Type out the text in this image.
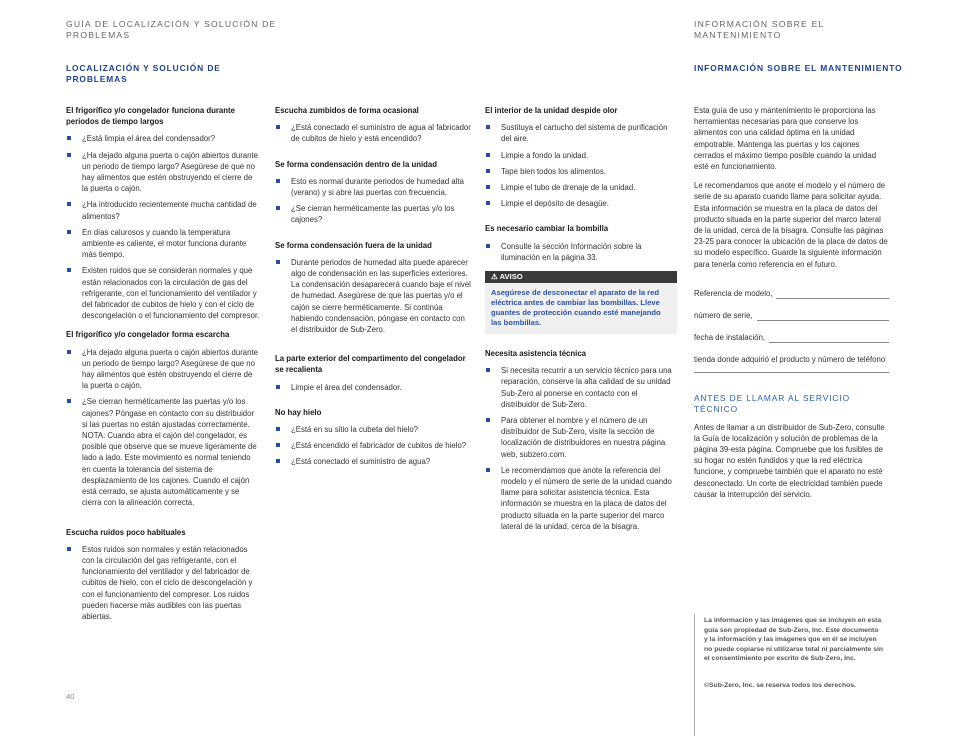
GUÍA DE LOCALIZACIÓN Y SOLUCIÓN DE PROBLEMAS
INFORMACIÓN SOBRE EL MANTENIMIENTO
LOCALIZACIÓN Y SOLUCIÓN DE PROBLEMAS
El frigorífico y/o congelador funciona durante periodos de tiempo largos
¿Está limpia el área del condensador?
¿Ha dejado alguna puerta o cajón abiertos durante un periodo de tiempo largo? Asegúrese de que no hay alimentos que estén obstruyendo el cierre de la puerta o cajón.
¿Ha introducido recientemente mucha cantidad de alimentos?
En días calurosos y cuando la temperatura ambiente es caliente, el motor funciona durante más tiempo.
Existen ruidos que se consideran normales y que están relacionados con la circulación de gas del refrigerante, con el funcionamiento del ventilador y del fabricador de cubitos de hielo y con el ciclo de descongelación o el funcionamiento del compresor.
El frigorífico y/o congelador forma escarcha
¿Ha dejado alguna puerta o cajón abiertos durante un periodo de tiempo largo? Asegúrese de que no hay alimentos que estén obstruyendo el cierre de la puerta o cajón.
¿Se cierran herméticamente las puertas y/o los cajones? Póngase en contacto con su distribuidor si las puertas no están ajustadas correctamente. NOTA: Cuando abra el cajón del congelador, es posible que observe que se mueve ligeramente de lado a lado. Este movimiento es normal teniendo en cuenta la tolerancia del sistema de desplazamiento de los cajones. Cuando el cajón está cerrado, se ajusta automáticamente y se cierra con la alineación correcta.
Escucha ruidos poco habituales
Estos ruidos son normales y están relacionados con la circulación del gas refrigerante, con el funcionamiento del ventilador y del fabricador de cubitos de hielo, con el ciclo de descongelación y con el funcionamiento del compresor. Los ruidos pueden hacerse más audibles con las puertas abiertas.
Escucha zumbidos de forma ocasional
¿Está conectado el suministro de agua al fabricador de cubitos de hielo y está encendido?
Se forma condensación dentro de la unidad
Esto es normal durante periodos de humedad alta (verano) y si abre las puertas con frecuencia.
¿Se cierran herméticamente las puertas y/o los cajones?
Se forma condensación fuera de la unidad
Durante periodos de humedad alta puede aparecer algo de condensación en las superficies exteriores. La condensación desaparecerá cuando baje el nivel de humedad. Asegúrese de que las puertas y/o el cajón se cierre herméticamente. Si continúa habiendo condensación, póngase en contacto con el distribuidor de Sub-Zero.
La parte exterior del compartimento del congelador se recalienta
Limpie el área del condensador.
No hay hielo
¿Está en su sitio la cubeta del hielo?
¿Está encendido el fabricador de cubitos de hielo?
¿Está conectado el suministro de agua?
El interior de la unidad despide olor
Sustituya el cartucho del sistema de purificación del aire.
Limpie a fondo la unidad.
Tape bien todos los alimentos.
Limpie el tubo de drenaje de la unidad.
Limpie el depósito de desagüe.
Es necesario cambiar la bombilla
Consulte la sección Información sobre la iluminación en la página 33.
⚠ AVISO
Asegúrese de desconectar el aparato de la red eléctrica antes de cambiar las bombillas. Lleve guantes de protección cuando esté manejando las bombillas.
Necesita asistencia técnica
Si necesita recurrir a un servicio técnico para una reparación, conserve la alta calidad de su unidad Sub-Zero al ponerse en contacto con el distribuidor de Sub-Zero.
Para obtener el nombre y el número de un distribuidor de Sub-Zero, visite la sección de localización de distribuidores en nuestra página web, subzero.com.
Le recomendamos que anote la referencia del modelo y el número de serie de la unidad cuando llame para solicitar asistencia técnica. Esta información se muestra en la placa de datos del producto situada en la parte superior del marco lateral de la unidad, cerca de la bisagra.
INFORMACIÓN SOBRE EL MANTENIMIENTO

Esta guía de uso y mantenimiento le proporciona las herramientas necesarias para que conserve los alimentos con una calidad óptima en la unidad empotrable. Mantenga las puertas y los cajones cerrados el máximo tiempo posible cuando la unidad esté en funcionamiento.

Le recomendamos que anote el modelo y el número de serie de su aparato cuando llame para solicitar ayuda. Esta información se muestra en la placa de datos del producto situada en la parte superior del marco lateral de la unidad, cerca de la bisagra. Consulte las páginas 23-25 para conocer la ubicación de la placa de datos de su modelo específico. Guarde la siguiente información para tenerla como referencia en el futuro.

Referencia de modelo,
número de serie,
fecha de instalación,
tienda donde adquirió el producto y número de teléfono
ANTES DE LLAMAR AL SERVICIO TÉCNICO

Antes de llamar a un distribuidor de Sub-Zero, consulte la Guía de localización y solución de problemas de la página 39-esta página. Compruebe que los fusibles de su hogar no estén fundidos y que la red eléctrica funcione, y compruebe también que el aparato no esté desconectado. Un corte de electricidad también puede causar la interrupción del servicio.

La información y las imágenes que se incluyen en esta guía son propiedad de Sub-Zero, Inc. Este documento y la información y las imágenes que en él se incluyen no puede copiarse ni utilizarse total ni parcialmente sin el consentimiento por escrito de Sub-Zero, Inc.
©Sub-Zero, Inc. se reserva todos los derechos.
40
